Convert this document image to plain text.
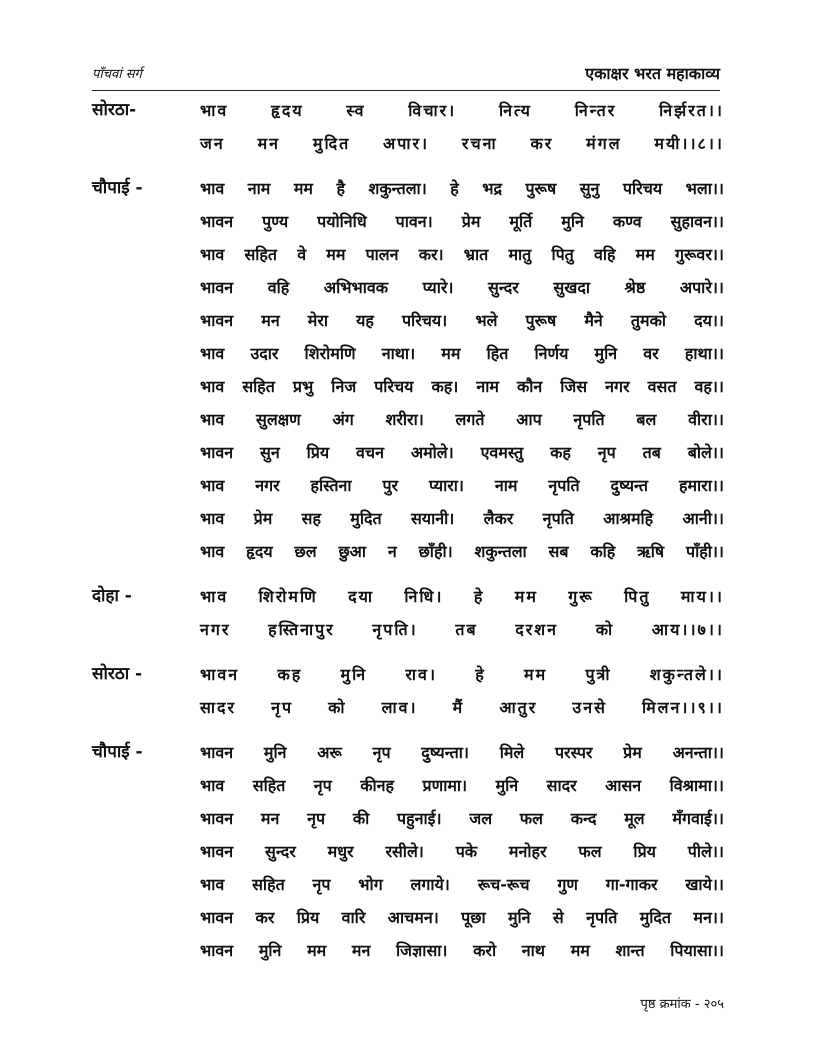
पाँचवां सर्ग	एकाक्षर भरत महाकाव्य
सोरठा-	भाव हृदय स्व विचार। नित्य निन्तर निर्झरत।।
जन मन मुदित अपार। रचना कर मंगल मयी।।८।।
चौपाई -	भाव नाम मम है शकुन्तला। हे भद्र पुरूष सुनु परिचय भला।।
भावन पुण्य पयोनिधि पावन। प्रेम मूर्ति मुनि कण्व सुहावन।।
भाव सहित वे मम पालन कर। भ्रात मातु पितु वहि मम गुरूवर।।
भावन वहि अभिभावक प्यारे। सुन्दर सुखदा श्रेष्ठ अपारे।।
भावन मन मेरा यह परिचय। भले पुरूष मैने तुमको दय।।
भाव उदार शिरोमणि नाथा। मम हित निर्णय मुनि वर हाथा।।
भाव सहित प्रभु निज परिचय कह। नाम कौन जिस नगर वसत वह।।
भाव सुलक्षण अंग शरीरा। लगते आप नृपति बल वीरा।।
भावन सुन प्रिय वचन अमोले। एवमस्तु कह नृप तब बोले।।
भाव नगर हस्तिना पुर प्यारा। नाम नृपति दुष्यन्त हमारा।।
भाव प्रेम सह मुदित सयानी। लैकर नृपति आश्रमहि आनी।।
भाव हृदय छल छुआ न छाँही। शकुन्तला सब कहि ऋषि पाँही।।
दोहा -	भाव शिरोमणि दया निधि। हे मम गुरू पितु माय।।
नगर हस्तिनापुर नृपति। तब दरशन को आय।।७।।
सोरठा -	भावन कह मुनि राव। हे मम पुत्री शकुन्तले।।
सादर नृप को लाव। मैं आतुर उनसे मिलन।।९।।
चौपाई -	भावन मुनि अरू नृप दुष्यन्ता। मिले परस्पर प्रेम अनन्ता।।
भाव सहित नृप कीनह प्रणामा। मुनि सादर आसन विश्रामा।।
भावन मन नृप की पहुनाई। जल फल कन्द मूल मँगवाई।।
भावन सुन्दर मधुर रसीले। पके मनोहर फल प्रिय पीले।।
भाव सहित नृप भोग लगाये। रूच-रूच गुण गा-गाकर खाये।।
भावन कर प्रिय वारि आचमन। पूछा मुनि से नृपति मुदित मन।।
भावन मुनि मम मन जिज्ञासा। करो नाथ मम शान्त पियासा।।
पृष्ठ क्रमांक - २०५
